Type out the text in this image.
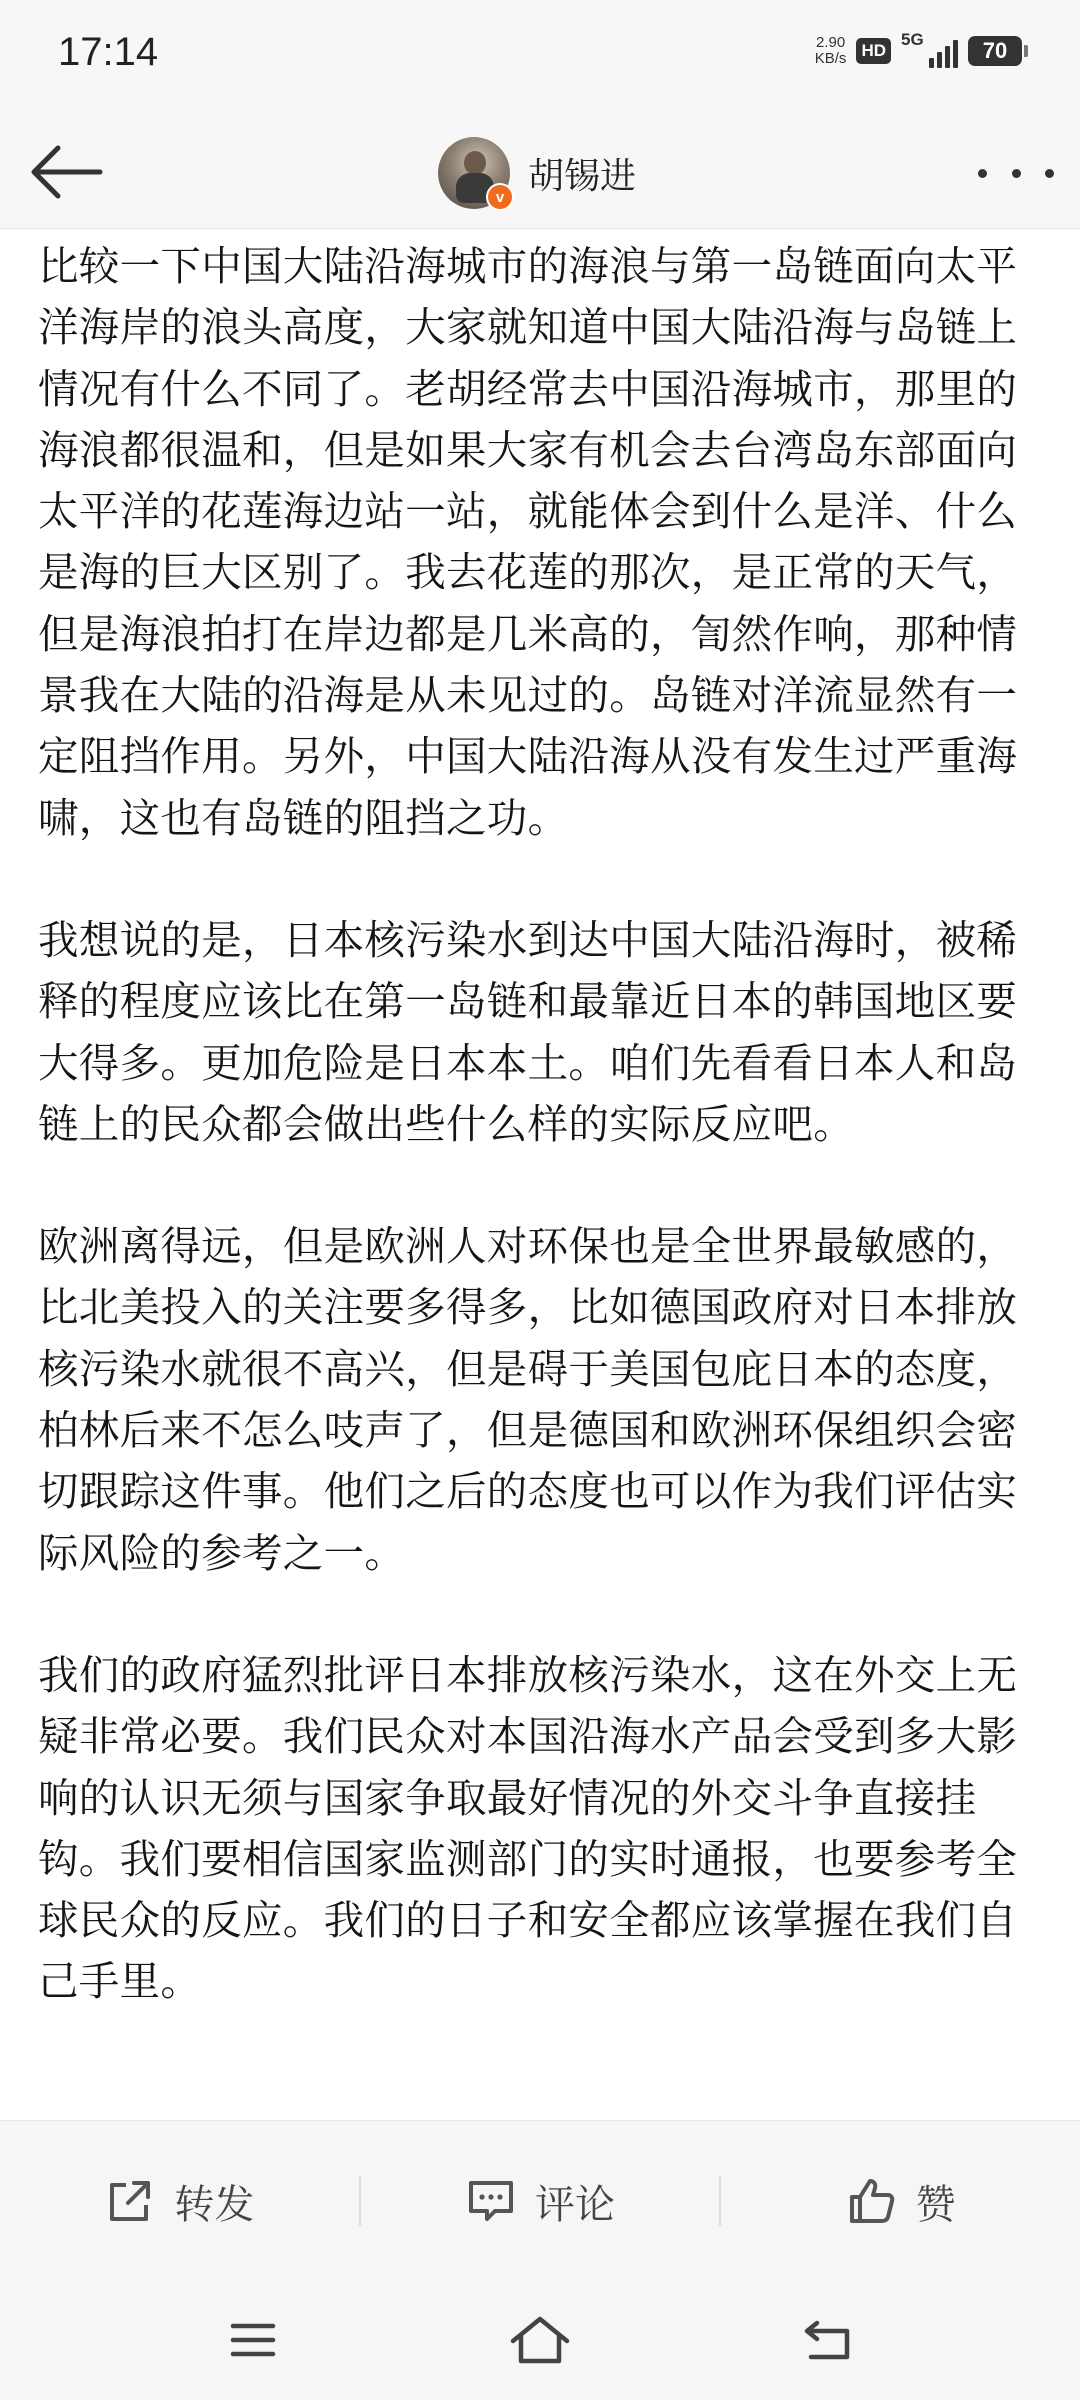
17:14	2.90
KB/s HD
5G	70
v
胡锡进

比较一下中国大陆沿海城市的海浪与第一岛链面向太平洋海岸的浪头高度，大家就知道中国大陆沿海与岛链上情况有什么不同了。老胡经常去中国沿海城市，那里的海浪都很温和，但是如果大家有机会去台湾岛东部面向太平洋的花莲海边站一站，就能体会到什么是洋、什么是海的巨大区别了。我去花莲的那次，是正常的天气，但是海浪拍打在岸边都是几米高的，訇然作响，那种情景我在大陆的沿海是从未见过的。岛链对洋流显然有一定阻挡作用。另外，中国大陆沿海从没有发生过严重海啸，这也有岛链的阻挡之功。

我想说的是，日本核污染水到达中国大陆沿海时，被稀释的程度应该比在第一岛链和最靠近日本的韩国地区要大得多。更加危险是日本本土。咱们先看看日本人和岛链上的民众都会做出些什么样的实际反应吧。

欧洲离得远，但是欧洲人对环保也是全世界最敏感的，比北美投入的关注要多得多，比如德国政府对日本排放核污染水就很不高兴，但是碍于美国包庇日本的态度，柏林后来不怎么吱声了，但是德国和欧洲环保组织会密切跟踪这件事。他们之后的态度也可以作为我们评估实际风险的参考之一。

我们的政府猛烈批评日本排放核污染水，这在外交上无疑非常必要。我们民众对本国沿海水产品会受到多大影响的认识无须与国家争取最好情况的外交斗争直接挂钩。我们要相信国家监测部门的实时通报，也要参考全球民众的反应。我们的日子和安全都应该掌握在我们自己手里。

转发	评论	赞
